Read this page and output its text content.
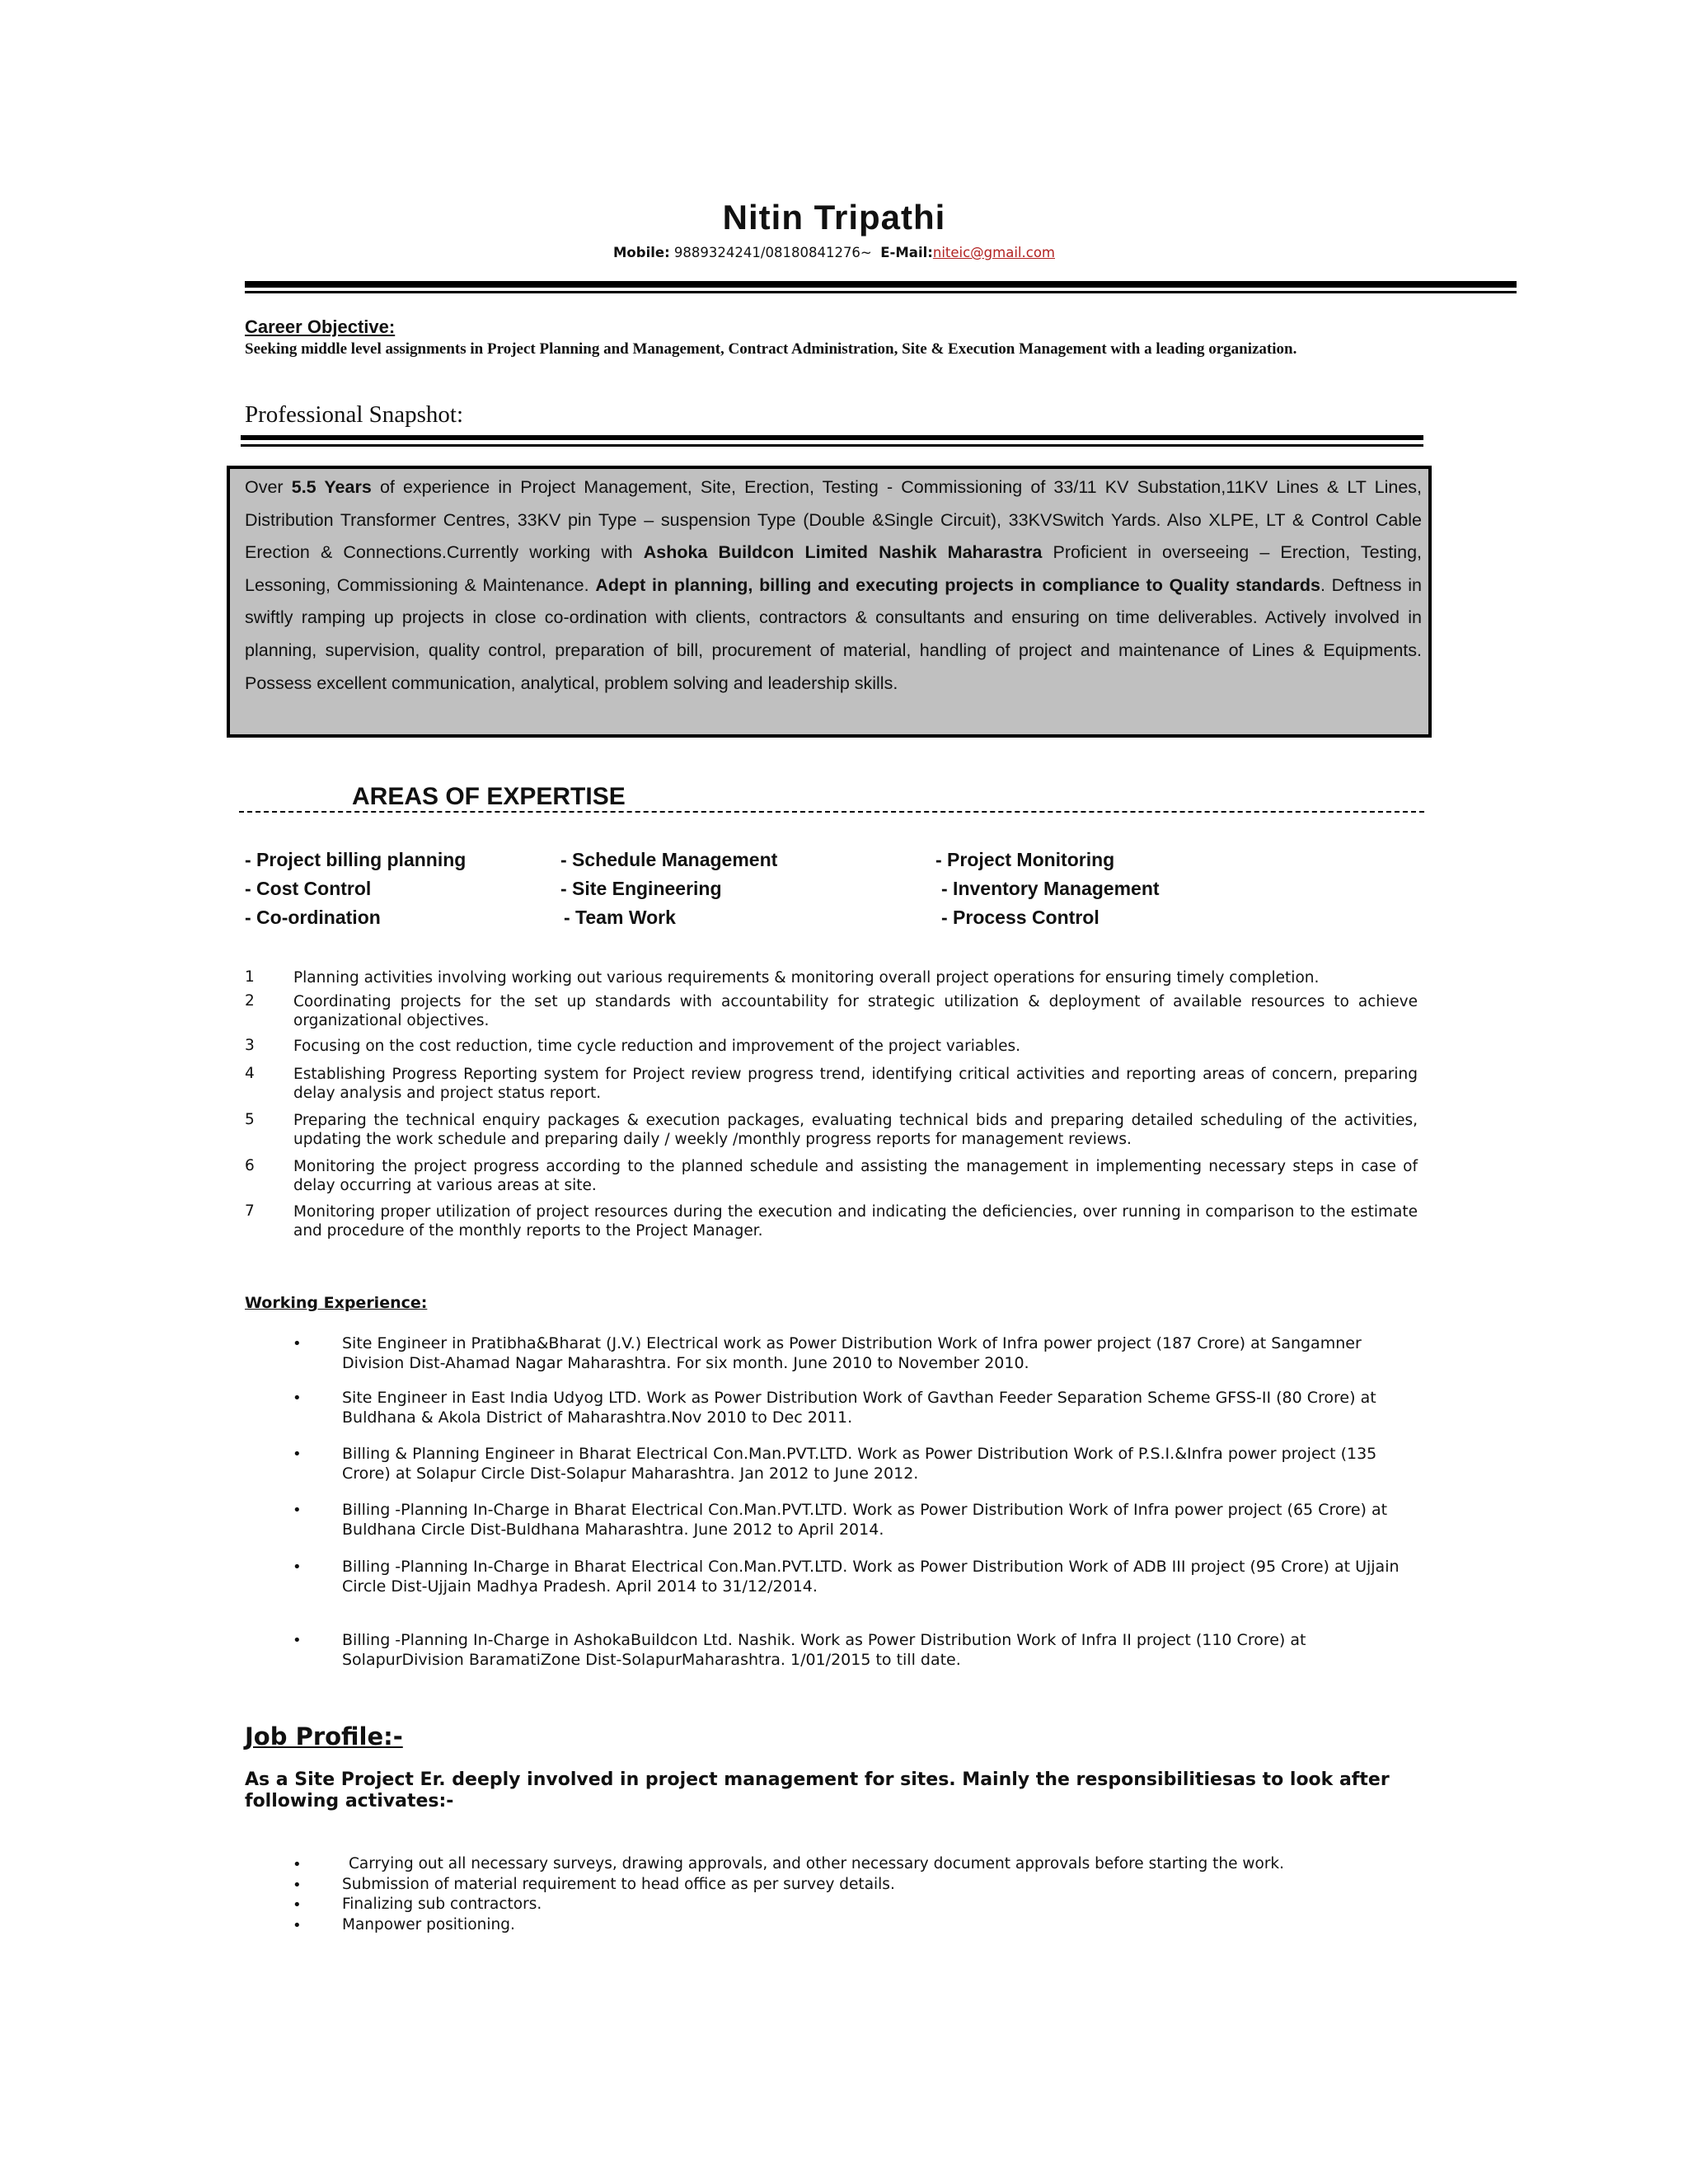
Nitin Tripathi
Mobile: 9889324241/08180841276~ E-Mail:niteic@gmail.com
Career Objective:
Seeking middle level assignments in Project Planning and Management, Contract Administration, Site & Execution Management with a leading organization.
Professional Snapshot:
Over 5.5 Years of experience in Project Management, Site, Erection, Testing - Commissioning of 33/11 KV Substation,11KV Lines & LT Lines, Distribution Transformer Centres, 33KV pin Type – suspension Type (Double &Single Circuit), 33KVSwitch Yards. Also XLPE, LT & Control Cable Erection & Connections.Currently working with Ashoka Buildcon Limited Nashik Maharastra Proficient in overseeing – Erection, Testing, Lessoning, Commissioning & Maintenance. Adept in planning, billing and executing projects in compliance to Quality standards. Deftness in swiftly ramping up projects in close co-ordination with clients, contractors & consultants and ensuring on time deliverables. Actively involved in planning, supervision, quality control, preparation of bill, procurement of material, handling of project and maintenance of Lines & Equipments. Possess excellent communication, analytical, problem solving and leadership skills.
AREAS OF EXPERTISE
- Project billing planning	- Schedule Management	- Project Monitoring
- Cost Control	- Site Engineering	- Inventory Management
- Co-ordination	- Team Work	- Process Control
1	Planning activities involving working out various requirements & monitoring overall project operations for ensuring timely completion.
2	Coordinating projects for the set up standards with accountability for strategic utilization & deployment of available resources to achieve organizational objectives.
3	Focusing on the cost reduction, time cycle reduction and improvement of the project variables.
4	Establishing Progress Reporting system for Project review progress trend, identifying critical activities and reporting areas of concern, preparing delay analysis and project status report.
5	Preparing the technical enquiry packages & execution packages, evaluating technical bids and preparing detailed scheduling of the activities, updating the work schedule and preparing daily / weekly /monthly progress reports for management reviews.
6	Monitoring the project progress according to the planned schedule and assisting the management in implementing necessary steps in case of delay occurring at various areas at site.
7	Monitoring proper utilization of project resources during the execution and indicating the deficiencies, over running in comparison to the estimate and procedure of the monthly reports to the Project Manager.
Working Experience:
•	Site Engineer in Pratibha&Bharat (J.V.) Electrical work as Power Distribution Work of Infra power project (187 Crore) at Sangamner Division Dist-Ahamad Nagar Maharashtra. For six month. June 2010 to November 2010.
•	Site Engineer in East India Udyog LTD. Work as Power Distribution Work of Gavthan Feeder Separation Scheme GFSS-II (80 Crore) at Buldhana & Akola District of Maharashtra.Nov 2010 to Dec 2011.
•	Billing & Planning Engineer in Bharat Electrical Con.Man.PVT.LTD. Work as Power Distribution Work of P.S.I.&Infra power project (135 Crore) at Solapur Circle Dist-Solapur Maharashtra. Jan 2012 to June 2012.
•	Billing -Planning In-Charge in Bharat Electrical Con.Man.PVT.LTD. Work as Power Distribution Work of Infra power project (65 Crore) at Buldhana Circle Dist-Buldhana Maharashtra. June 2012 to April 2014.
•	Billing -Planning In-Charge in Bharat Electrical Con.Man.PVT.LTD. Work as Power Distribution Work of ADB III project (95 Crore) at Ujjain Circle Dist-Ujjain Madhya Pradesh. April 2014 to 31/12/2014.
•	Billing -Planning In-Charge in AshokaBuildcon Ltd. Nashik. Work as Power Distribution Work of Infra II project (110 Crore) at SolapurDivision BaramatiZone Dist-SolapurMaharashtra. 1/01/2015 to till date.
Job Profile:-
As a Site Project Er. deeply involved in project management for sites. Mainly the responsibilitiesas to look after following activates:-
•	Carrying out all necessary surveys, drawing approvals, and other necessary document approvals before starting the work.
•	Submission of material requirement to head office as per survey details.
•	Finalizing sub contractors.
•	Manpower positioning.
